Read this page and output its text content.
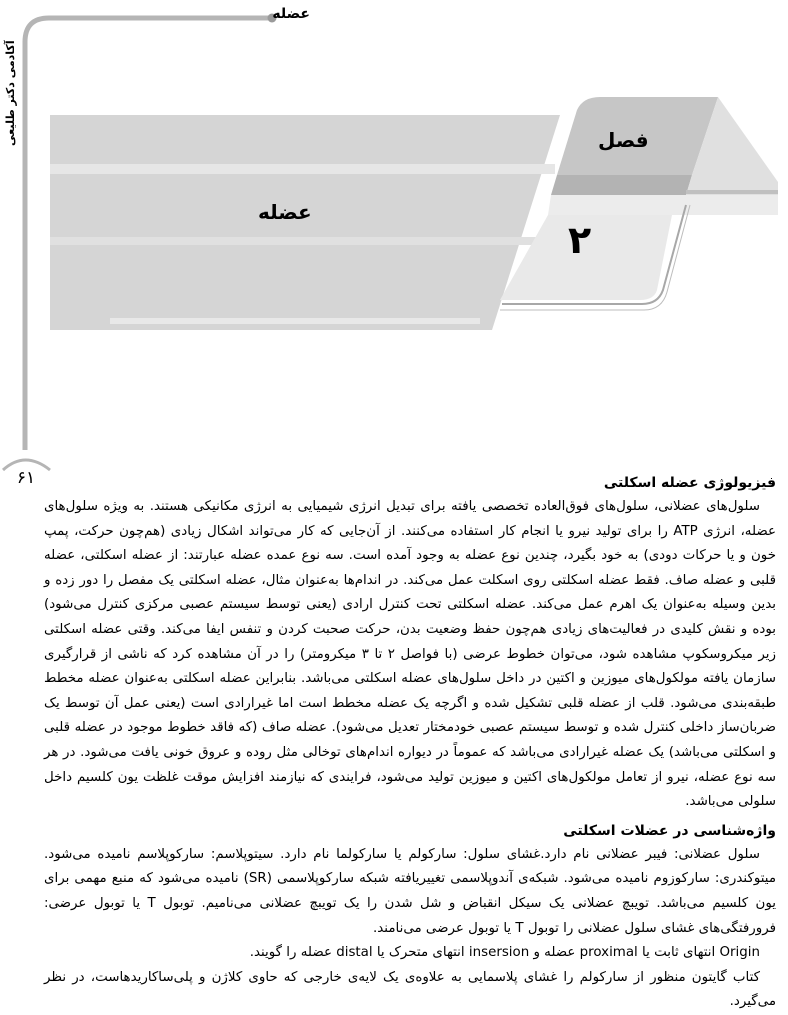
عضله
آکادمی دکتر طلیعی
۶۱
فصل
عضله
۲
فیزیولوژی عضله اسکلتی

سلول‌های عضلانی، سلول‌های فوق‌العاده تخصصی یافته برای تبدیل انرژی شیمیایی به انرژی مکانیکی هستند. به ویژه سلول‌های عضله، انرژی ATP را برای تولید نیرو یا انجام کار استفاده می‌کنند. از آن‌جایی که کار می‌تواند اشکال زیادی (هم‌چون حرکت، پمپ خون و یا حرکات دودی) به خود بگیرد، چندین نوع عضله به وجود آمده است. سه نوع عمده عضله عبارتند: از عضله اسکلتی، عضله قلبی و عضله صاف. فقط عضله اسکلتی روی اسکلت عمل می‌کند. در اندام‌ها به‌عنوان مثال، عضله اسکلتی یک مفصل را دور زده و بدین وسیله به‌عنوان یک اهرم عمل می‌کند. عضله اسکلتی تحت کنترل ارادی (یعنی توسط سیستم عصبی مرکزی کنترل می‌شود) بوده و نقش کلیدی در فعالیت‌های زیادی هم‌چون حفظ وضعیت بدن، حرکت صحبت کردن و تنفس ایفا می‌کند. وقتی عضله اسکلتی زیر میکروسکوپ مشاهده شود، می‌توان خطوط عرضی (با فواصل ۲ تا ۳ میکرومتر) را در آن مشاهده کرد که ناشی از قرارگیری سازمان یافته مولکول‌های میوزین و اکتین در داخل سلول‌های عضله اسکلتی می‌باشد. بنابراین عضله اسکلتی به‌عنوان عضله مخطط طبقه‌بندی می‌شود. قلب از عضله قلبی تشکیل شده و اگرچه یک عضله مخطط است اما غیرارادی است (یعنی عمل آن توسط یک ضربان‌ساز داخلی کنترل شده و توسط سیستم عصبی خودمختار تعدیل می‌شود). عضله صاف (که فاقد خطوط موجود در عضله قلبی و اسکلتی می‌باشد) یک عضله غیرارادی می‌باشد که عموماً در دیواره اندام‌های توخالی مثل روده و عروق خونی یافت می‌شود. در هر سه نوع عضله، نیرو از تعامل مولکول‌های اکتین و میوزین تولید می‌شود، فرایندی که نیازمند افزایش موقت غلظت یون کلسیم داخل سلولی می‌باشد.

واژه‌شناسی در عضلات اسکلتی

سلول عضلانی: فیبر عضلانی نام دارد.غشای سلول: سارکولم یا سارکولما نام دارد. سیتوپلاسم: سارکوپلاسم نامیده می‌شود. میتوکندری: سارکوزوم نامیده می‌شود. شبکه‌ی آندوپلاسمی تغییریافته شبکه سارکوپلاسمی (SR) نامیده می‌شود که منبع مهمی برای یون کلسیم می‌باشد. تویبچ عضلانی یک سیکل انقباض و شل شدن را یک تویبچ عضلانی می‌نامیم. توبول T یا توبول عرضی: فرورفتگی‌های غشای سلول عضلانی را توبول T یا توبول عرضی می‌نامند.

Origin انتهای ثابت یا proximal عضله و insersion انتهای متحرک یا distal عضله را گویند.

کتاب گایتون منظور از سارکولم را غشای پلاسمایی به علاوه‌ی یک لایه‌ی خارجی که حاوی کلاژن و پلی‌ساکاریدهاست، در نظر می‌گیرد.
